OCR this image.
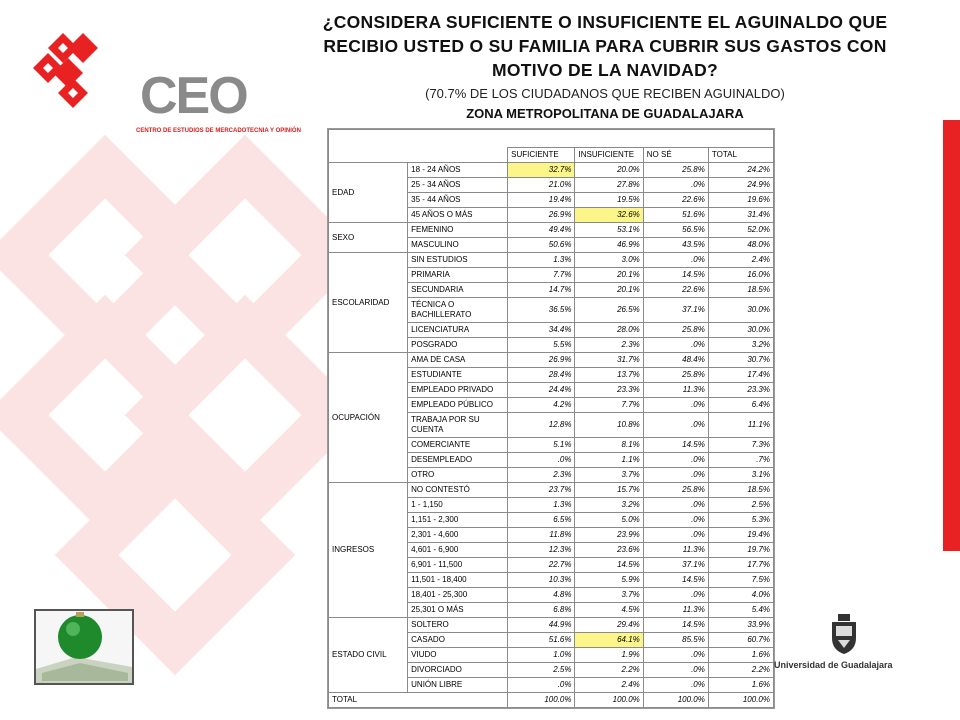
CEO
CENTRO DE ESTUDIOS DE MERCADOTECNIA Y OPINIÓN
¿CONSIDERA SUFICIENTE O INSUFICIENTE EL AGUINALDO QUE RECIBIO USTED O SU FAMILIA PARA CUBRIR SUS GASTOS CON MOTIVO DE LA NAVIDAD?
(70.7% DE LOS CIUDADANOS QUE RECIBEN AGUINALDO)
ZONA METROPOLITANA DE GUADALAJARA

		SUFICIENTE	INSUFICIENTE	NO SÉ	TOTAL
EDAD	18 - 24 AÑOS	32.7%	20.0%	25.8%	24.2%
	25 - 34 AÑOS	21.0%	27.8%	.0%	24.9%
	35 - 44 AÑOS	19.4%	19.5%	22.6%	19.6%
	45 AÑOS O MÁS	26.9%	32.6%	51.6%	31.4%
SEXO	FEMENINO	49.4%	53.1%	56.5%	52.0%
	MASCULINO	50.6%	46.9%	43.5%	48.0%
ESCOLARIDAD	SIN ESTUDIOS	1.3%	3.0%	.0%	2.4%
	PRIMARIA	7.7%	20.1%	14.5%	16.0%
	SECUNDARIA	14.7%	20.1%	22.6%	18.5%
	TÉCNICA O BACHILLERATO	36.5%	26.5%	37.1%	30.0%
	LICENCIATURA	34.4%	28.0%	25.8%	30.0%
	POSGRADO	5.5%	2.3%	.0%	3.2%
OCUPACIÓN	AMA DE CASA	26.9%	31.7%	48.4%	30.7%
	ESTUDIANTE	28.4%	13.7%	25.8%	17.4%
	EMPLEADO PRIVADO	24.4%	23.3%	11.3%	23.3%
	EMPLEADO PÚBLICO	4.2%	7.7%	.0%	6.4%
	TRABAJA POR SU CUENTA	12.8%	10.8%	.0%	11.1%
	COMERCIANTE	5.1%	8.1%	14.5%	7.3%
	DESEMPLEADO	.0%	1.1%	.0%	.7%
	OTRO	2.3%	3.7%	.0%	3.1%
INGRESOS	NO CONTESTÓ	23.7%	15.7%	25.8%	18.5%
	1 - 1,150	1.3%	3.2%	.0%	2.5%
	1,151 - 2,300	6.5%	5.0%	.0%	5.3%
	2,301 - 4,600	11.8%	23.9%	.0%	19.4%
	4,601 - 6,900	12.3%	23.6%	11.3%	19.7%
	6,901 - 11,500	22.7%	14.5%	37.1%	17.7%
	11,501 - 18,400	10.3%	5.9%	14.5%	7.5%
	18,401 - 25,300	4.8%	3.7%	.0%	4.0%
	25,301 O MÁS	6.8%	4.5%	11.3%	5.4%
ESTADO CIVIL	SOLTERO	44.9%	29.4%	14.5%	33.9%
	CASADO	51.6%	64.1%	85.5%	60.7%
	VIUDO	1.0%	1.9%	.0%	1.6%
	DIVORCIADO	2.5%	2.2%	.0%	2.2%
	UNIÓN LIBRE	.0%	2.4%	.0%	1.6%
TOTAL		100.0%	100.0%	100.0%	100.0%
Universidad de Guadalajara
